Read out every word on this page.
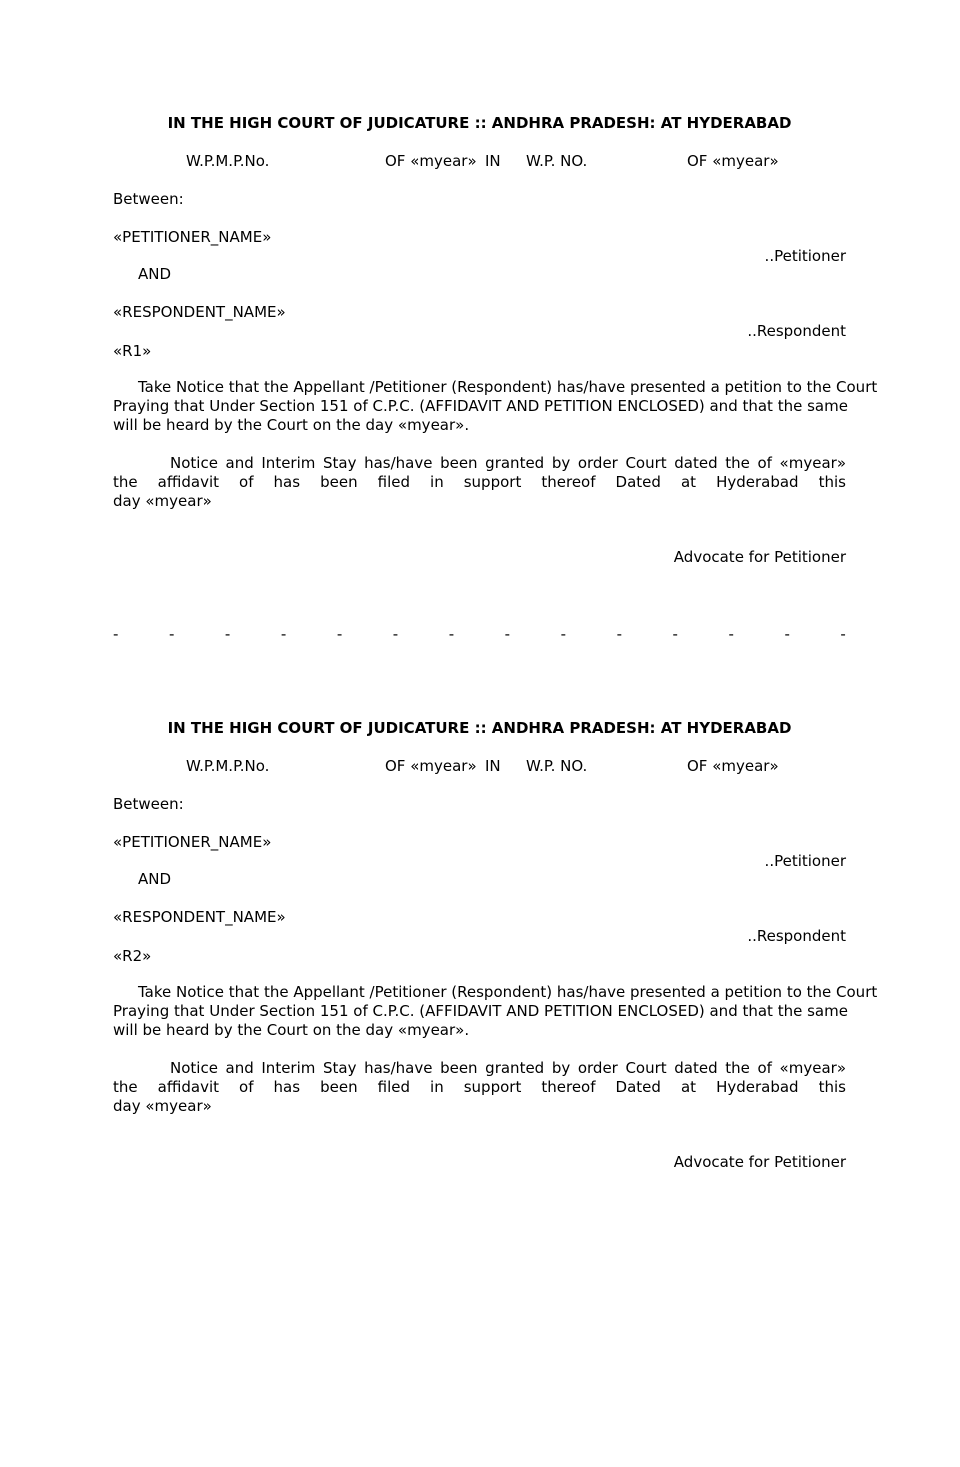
IN THE HIGH COURT OF JUDICATURE :: ANDHRA PRADESH: AT HYDERABAD
W.P.M.P.No.	OF «myear» IN W.P. NO.	OF «myear»
Between:
«PETITIONER_NAME»
..Petitioner
AND
«RESPONDENT_NAME»
..Respondent
«R1»
Take Notice that the Appellant /Petitioner (Respondent) has/have presented a petition to the Court
Praying that Under Section 151 of C.P.C. (AFFIDAVIT AND PETITION ENCLOSED) and that the same
will be heard by the Court on the day «myear».
Notice and Interim Stay has/have been granted by order Court dated the of «myear»
the affidavit of has been filed in support thereof Dated at Hyderabad this
day «myear»
Advocate for Petitioner
-	-	-	-	-	-	-	-	-	-	-	-	-	-
IN THE HIGH COURT OF JUDICATURE :: ANDHRA PRADESH: AT HYDERABAD
W.P.M.P.No.	OF «myear» IN W.P. NO.	OF «myear»
Between:
«PETITIONER_NAME»
..Petitioner
AND
«RESPONDENT_NAME»
..Respondent
«R2»
Take Notice that the Appellant /Petitioner (Respondent) has/have presented a petition to the Court
Praying that Under Section 151 of C.P.C. (AFFIDAVIT AND PETITION ENCLOSED) and that the same
will be heard by the Court on the day «myear».
Notice and Interim Stay has/have been granted by order Court dated the of «myear»
the affidavit of has been filed in support thereof Dated at Hyderabad this
day «myear»
Advocate for Petitioner
